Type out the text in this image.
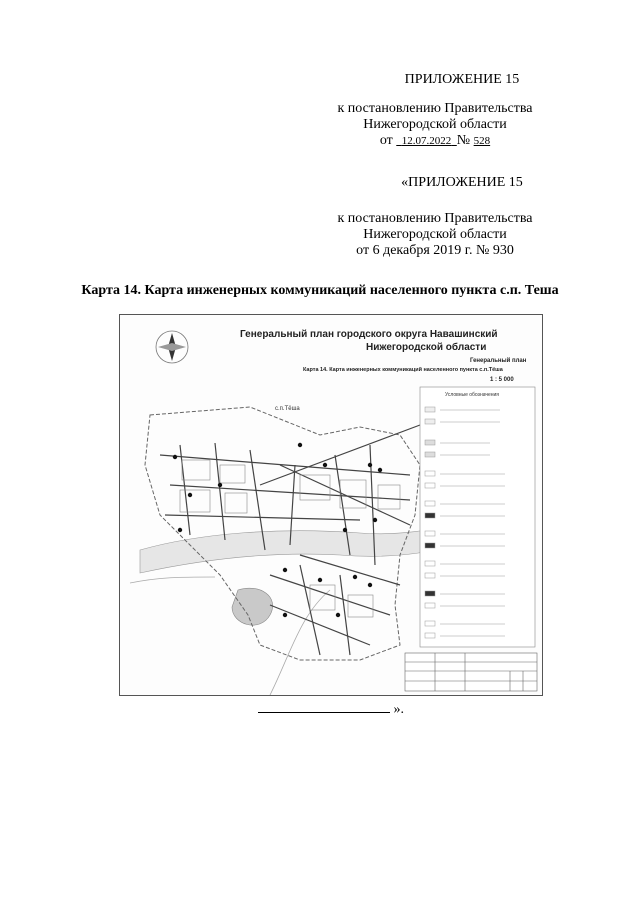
ПРИЛОЖЕНИЕ 15
к постановлению Правительства
Нижегородской области
от 12.07.2022 № 528
«ПРИЛОЖЕНИЕ 15
к постановлению Правительства
Нижегородской области
от 6 декабря 2019 г. № 930
Карта 14. Карта инженерных коммуникаций населенного пункта с.п. Теша
Генеральный план городского округа Навашинский
Нижегородской области
Генеральный план
Карта 14. Карта инженерных коммуникаций населенного пункта с.п.Тёша
1 : 5 000
с.п.Тёша
Условные обозначения
».
